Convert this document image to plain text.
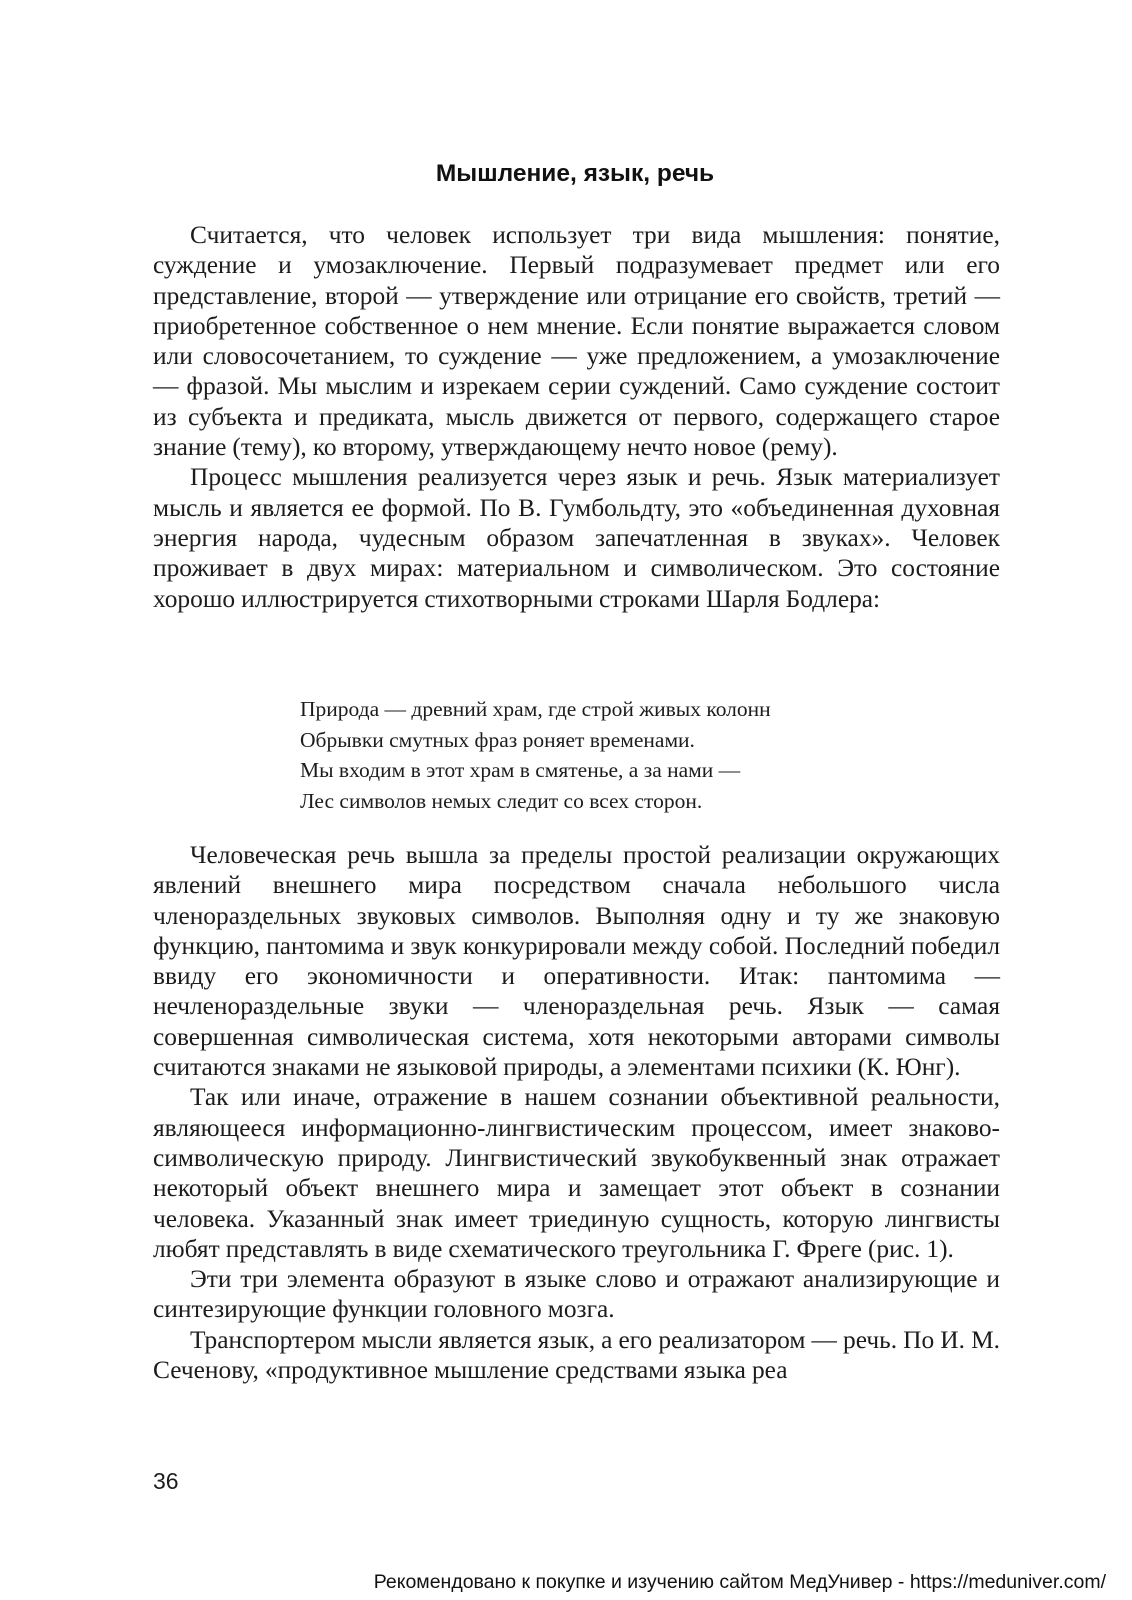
Мышление, язык, речь

Считается, что человек использует три вида мышления: понятие, суждение и умозаключение. Первый подразумевает предмет или его представление, второй — утверждение или отрицание его свойств, третий — приобретенное собственное о нем мнение. Если понятие выражается словом или словосочетанием, то суждение — уже предложением, а умозаключение — фразой. Мы мыслим и изрекаем серии суждений. Само суждение состоит из субъекта и предиката, мысль движется от первого, содержащего старое знание (тему), ко второму, утверждающему нечто новое (рему).

Процесс мышления реализуется через язык и речь. Язык материализует мысль и является ее формой. По В. Гумбольдту, это «объединенная духовная энергия народа, чудесным образом запечатленная в звуках». Человек проживает в двух мирах: материальном и символическом. Это состояние хорошо иллюстрируется стихотворными строками Шарля Бодлера:

Природа — древний храм, где строй живых колонн
Обрывки смутных фраз роняет временами.
Мы входим в этот храм в смятенье, а за нами —
Лес символов немых следит со всех сторон.

Человеческая речь вышла за пределы простой реализации окружающих явлений внешнего мира посредством сначала небольшого числа членораздельных звуковых символов. Выполняя одну и ту же знаковую функцию, пантомима и звук конкурировали между собой. Последний победил ввиду его экономичности и оперативности. Итак: пантомима — нечленораздельные звуки — членораздельная речь. Язык — самая совершенная символическая система, хотя некоторыми авторами символы считаются знаками не языковой природы, а элементами психики (К. Юнг).

Так или иначе, отражение в нашем сознании объективной реальности, являющееся информационно-лингвистическим процессом, имеет знаково-символическую природу. Лингвистический звукобуквенный знак отражает некоторый объект внешнего мира и замещает этот объект в сознании человека. Указанный знак имеет триединую сущность, которую лингвисты любят представлять в виде схематического треугольника Г. Фреге (рис. 1).

Эти три элемента образуют в языке слово и отражают анализирующие и синтезирующие функции головного мозга.

Транспортером мысли является язык, а его реализатором — речь. По И. М. Сеченову, «продуктивное мышление средствами языка реа

36
Рекомендовано к покупке и изучению сайтом МедУнивер - https://meduniver.com/
